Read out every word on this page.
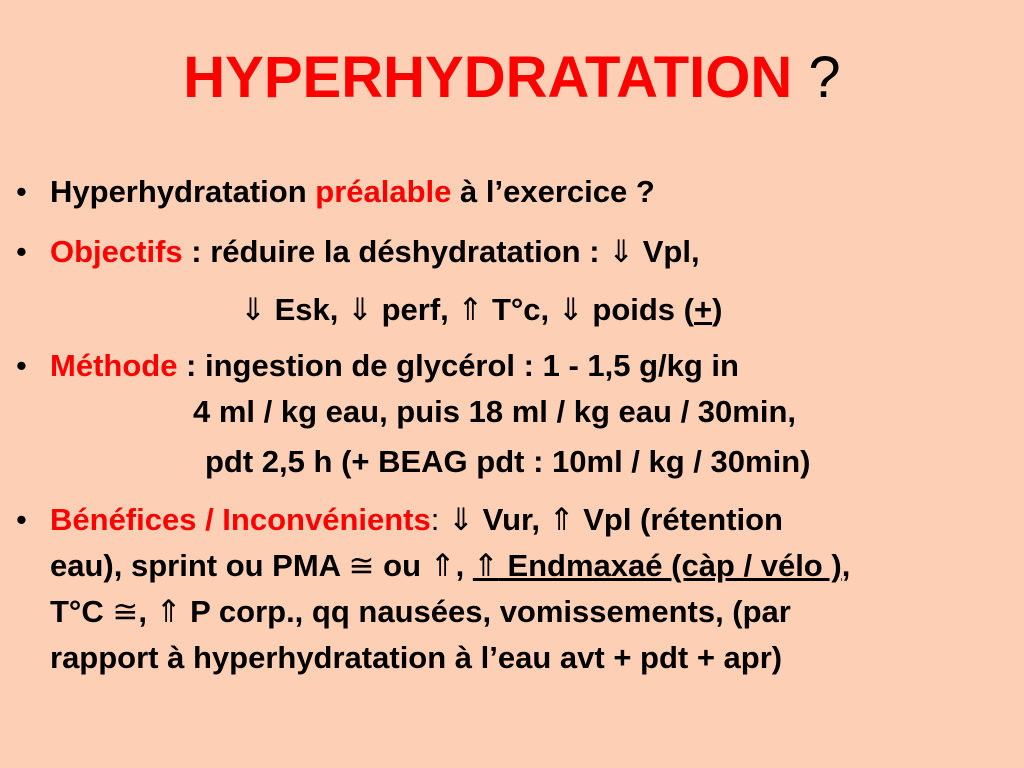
HYPERHYDRATATION ?
• Hyperhydratation préalable à l’exercice ?
• Objectifs : réduire la déshydratation : ⇓ Vpl,
⇓ Esk, ⇓ perf, ⇑ T°c, ⇓ poids (+)
• Méthode : ingestion de glycérol : 1 - 1,5 g/kg in
4 ml / kg eau, puis 18 ml / kg eau / 30min,
pdt 2,5 h (+ BEAG pdt : 10ml / kg / 30min)
• Bénéfices / Inconvénients: ⇓ Vur, ⇑ Vpl (rétention
eau), sprint ou PMA ≅ ou ⇑, ⇑ Endmaxaé (càp / vélo ),
T°C ≅, ⇑ P corp., qq nausées, vomissements, (par
rapport à hyperhydratation à l’eau avt + pdt + apr)
